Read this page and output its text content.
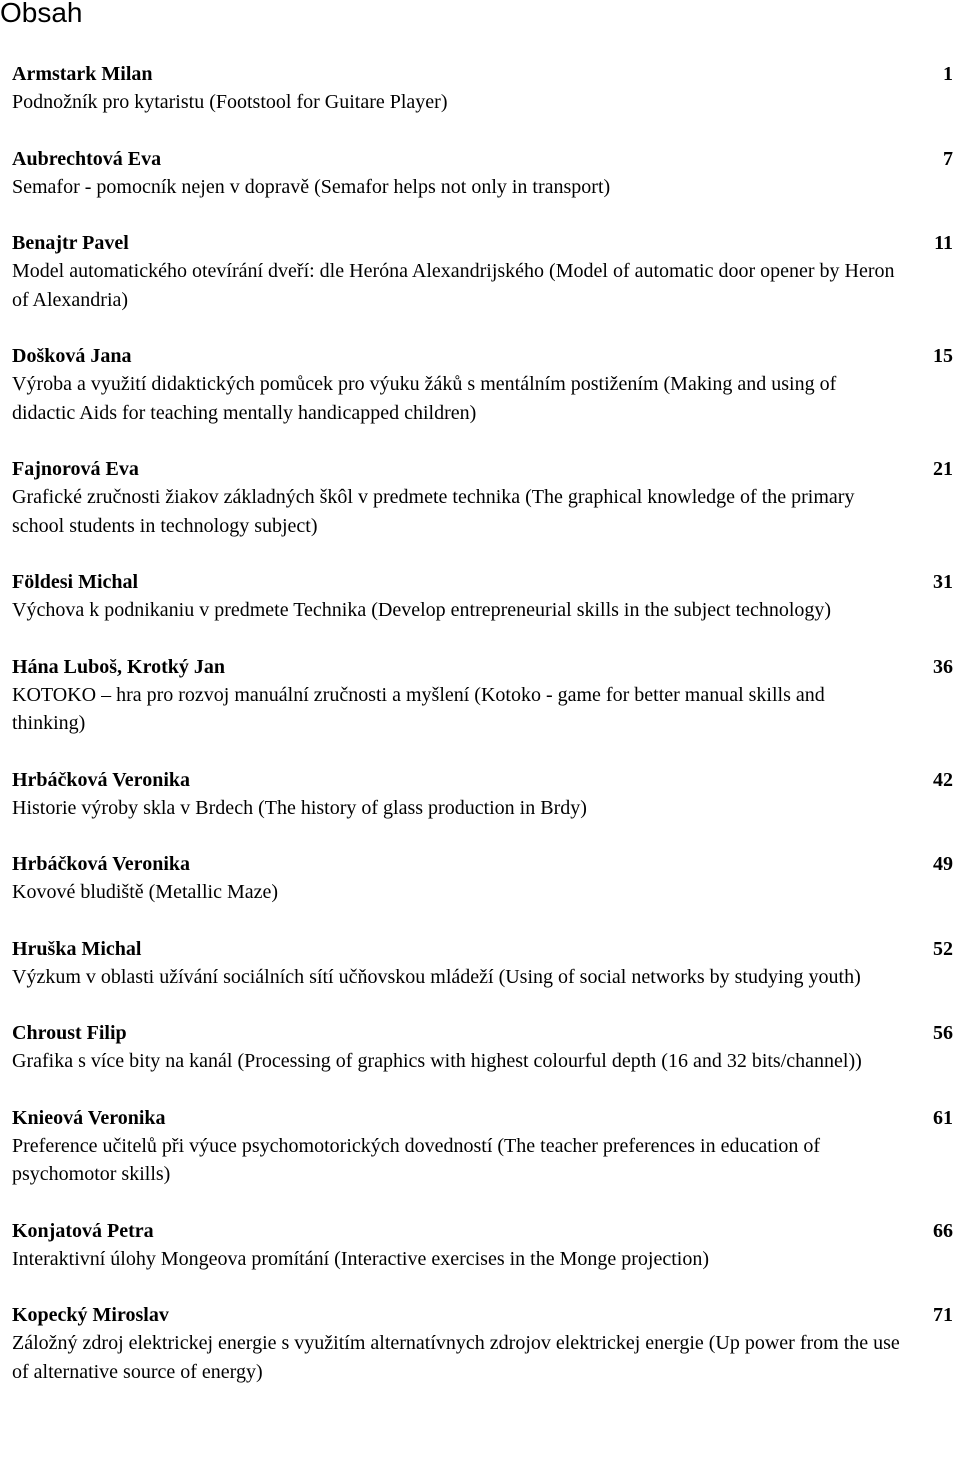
Obsah
Armstark Milan
Podnožník pro kytaristu (Footstool for Guitare Player)
1
Aubrechtová Eva
Semafor - pomocník nejen v dopravě (Semafor helps not only in transport)
7
Benajtr Pavel
Model automatického otevírání dveří: dle Heróna Alexandrijského (Model of automatic door opener by Heron of Alexandria)
11
Došková Jana
Výroba a využití didaktických pomůcek pro výuku žáků s mentálním postižením (Making and using of didactic Aids for teaching mentally handicapped children)
15
Fajnorová Eva
Grafické zručnosti žiakov základných škôl v predmete technika (The graphical knowledge of the primary school students in technology subject)
21
Földesi Michal
Výchova k podnikaniu v predmete Technika (Develop entrepreneurial skills in the subject technology)
31
Hána Luboš, Krotký Jan
KOTOKO – hra pro rozvoj manuální zručnosti a myšlení (Kotoko - game for better manual skills and thinking)
36
Hrbáčková Veronika
Historie výroby skla v Brdech (The history of glass production in Brdy)
42
Hrbáčková Veronika
Kovové bludiště (Metallic Maze)
49
Hruška Michal
Výzkum v oblasti užívání sociálních sítí učňovskou mládeží (Using of social networks by studying youth)
52
Chroust Filip
Grafika s více bity na kanál (Processing of graphics with highest colourful depth (16 and 32 bits/channel))
56
Knieová Veronika
Preference učitelů při výuce psychomotorických dovedností (The teacher preferences in education of psychomotor skills)
61
Konjatová Petra
Interaktivní úlohy Mongeova promítání (Interactive exercises in the Monge projection)
66
Kopecký Miroslav
Záložný zdroj elektrickej energie s využitím alternatívnych zdrojov elektrickej energie (Up power from the use of alternative source of energy)
71
